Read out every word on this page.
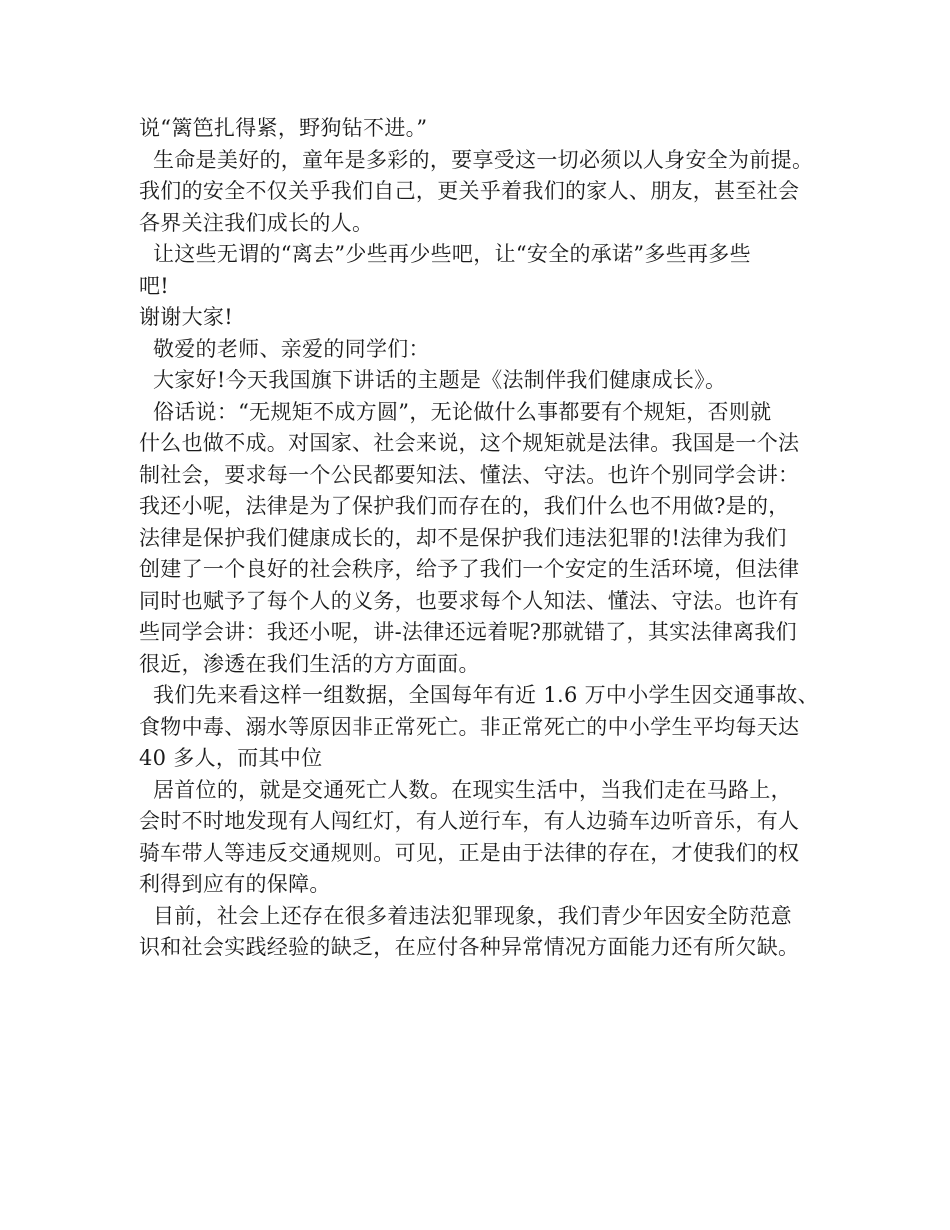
说“篱笆扎得紧，野狗钻不进。”
生命是美好的，童年是多彩的，要享受这一切必须以人身安全为前提。
我们的安全不仅关乎我们自己，更关乎着我们的家人、朋友，甚至社会
各界关注我们成长的人。
让这些无谓的“离去”少些再少些吧，让“安全的承诺”多些再多些
吧!
谢谢大家!
敬爱的老师、亲爱的同学们：
大家好!今天我国旗下讲话的主题是《法制伴我们健康成长》。
俗话说：“无规矩不成方圆”，无论做什么事都要有个规矩，否则就
什么也做不成。对国家、社会来说，这个规矩就是法律。我国是一个法
制社会，要求每一个公民都要知法、懂法、守法。也许个别同学会讲：
我还小呢，法律是为了保护我们而存在的，我们什么也不用做?是的，
法律是保护我们健康成长的，却不是保护我们违法犯罪的!法律为我们
创建了一个良好的社会秩序，给予了我们一个安定的生活环境，但法律
同时也赋予了每个人的义务，也要求每个人知法、懂法、守法。也许有
些同学会讲：我还小呢，讲-法律还远着呢?那就错了，其实法律离我们
很近，渗透在我们生活的方方面面。
我们先来看这样一组数据，全国每年有近 1.6 万中小学生因交通事故、
食物中毒、溺水等原因非正常死亡。非正常死亡的中小学生平均每天达
40 多人，而其中位
居首位的，就是交通死亡人数。在现实生活中，当我们走在马路上，
会时不时地发现有人闯红灯，有人逆行车，有人边骑车边听音乐，有人
骑车带人等违反交通规则。可见，正是由于法律的存在，才使我们的权
利得到应有的保障。
目前，社会上还存在很多着违法犯罪现象，我们青少年因安全防范意
识和社会实践经验的缺乏，在应付各种异常情况方面能力还有所欠缺。
